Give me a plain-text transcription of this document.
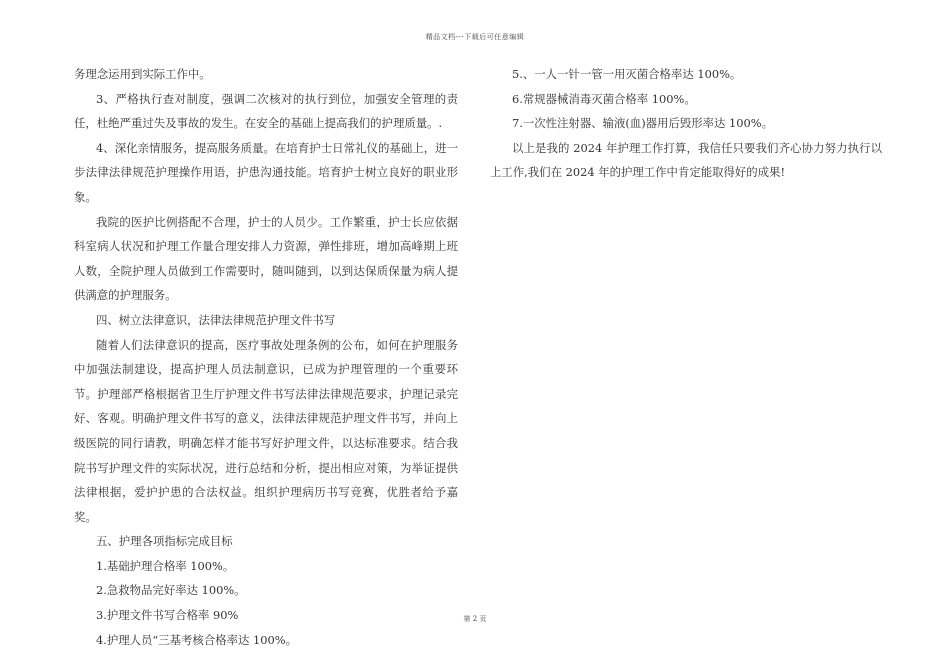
精品文档---下载后可任意编辑

务理念运用到实际工作中。

3、严格执行查对制度，强调二次核对的执行到位，加强安全管理的责任，杜绝严重过失及事故的发生。在安全的基础上提高我们的护理质量。.

4、深化亲情服务，提高服务质量。在培育护士日常礼仪的基础上，进一步法律法律规范护理操作用语，护患沟通技能。培育护士树立良好的职业形象。

我院的医护比例搭配不合理，护士的人员少。工作繁重，护士长应依据科室病人状况和护理工作量合理安排人力资源，弹性排班，增加高峰期上班人数，全院护理人员做到工作需要时，随叫随到，以到达保质保量为病人提供满意的护理服务。

四、树立法律意识，法律法律规范护理文件书写

随着人们法律意识的提高，医疗事故处理条例的公布，如何在护理服务中加强法制建设，提高护理人员法制意识，已成为护理管理的一个重要环节。护理部严格根据省卫生厅护理文件书写法律法律规范要求，护理记录完好、客观。明确护理文件书写的意义，法律法律规范护理文件书写，并向上级医院的同行请教，明确怎样才能书写好护理文件，以达标准要求。结合我院书写护理文件的实际状况，进行总结和分析，提出相应对策，为举证提供法律根据，爱护护患的合法权益。组织护理病历书写竞赛，优胜者给予嘉奖。

五、护理各项指标完成目标

1.基础护理合格率 100%。

2.急救物品完好率达 100%。

3.护理文件书写合格率 90%

4.护理人员“三基考核合格率达 100%。

5.、一人一针一管一用灭菌合格率达 100%。

6.常规器械消毒灭菌合格率 100%。

7.一次性注射器、输液(血)器用后毁形率达 100%。

以上是我的 2024 年护理工作打算，我信任只要我们齐心协力努力执行以上工作,我们在 2024 年的护理工作中肯定能取得好的成果!

第 2 页
